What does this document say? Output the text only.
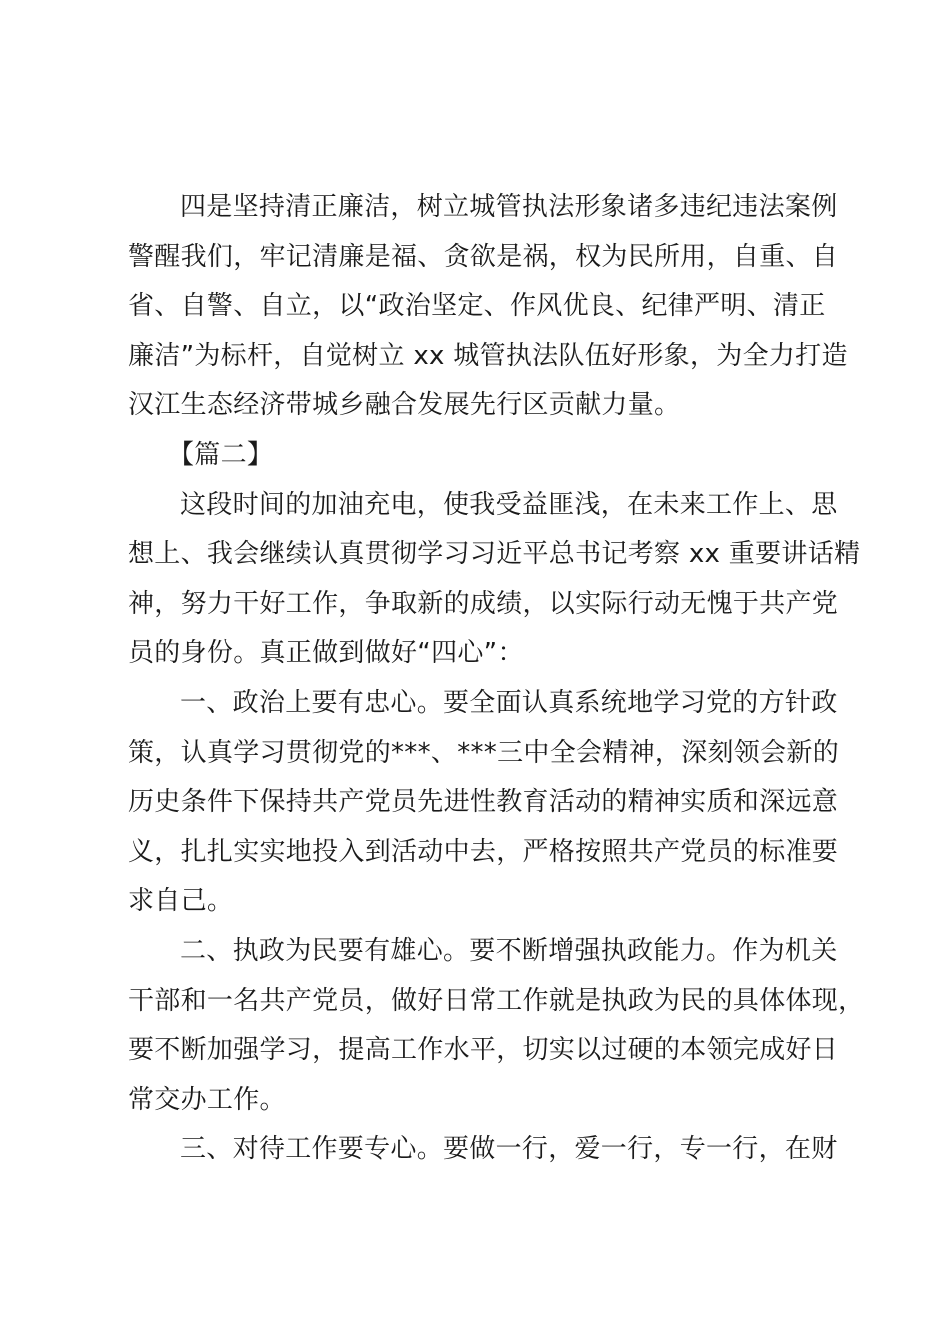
四是坚持清正廉洁，树立城管执法形象诸多违纪违法案例
警醒我们，牢记清廉是福、贪欲是祸，权为民所用，自重、自
省、自警、自立，以“政治坚定、作风优良、纪律严明、清正
廉洁”为标杆，自觉树立 xx 城管执法队伍好形象，为全力打造
汉江生态经济带城乡融合发展先行区贡献力量。
【篇二】
这段时间的加油充电，使我受益匪浅，在未来工作上、思
想上、我会继续认真贯彻学习习近平总书记考察 xx 重要讲话精
神，努力干好工作，争取新的成绩，以实际行动无愧于共产党
员的身份。真正做到做好“四心”：
一、政治上要有忠心。要全面认真系统地学习党的方针政
策，认真学习贯彻党的***、***三中全会精神，深刻领会新的
历史条件下保持共产党员先进性教育活动的精神实质和深远意
义，扎扎实实地投入到活动中去，严格按照共产党员的标准要
求自己。
二、执政为民要有雄心。要不断增强执政能力。作为机关
干部和一名共产党员，做好日常工作就是执政为民的具体体现，
要不断加强学习，提高工作水平，切实以过硬的本领完成好日
常交办工作。
三、对待工作要专心。要做一行，爱一行，专一行，在财
